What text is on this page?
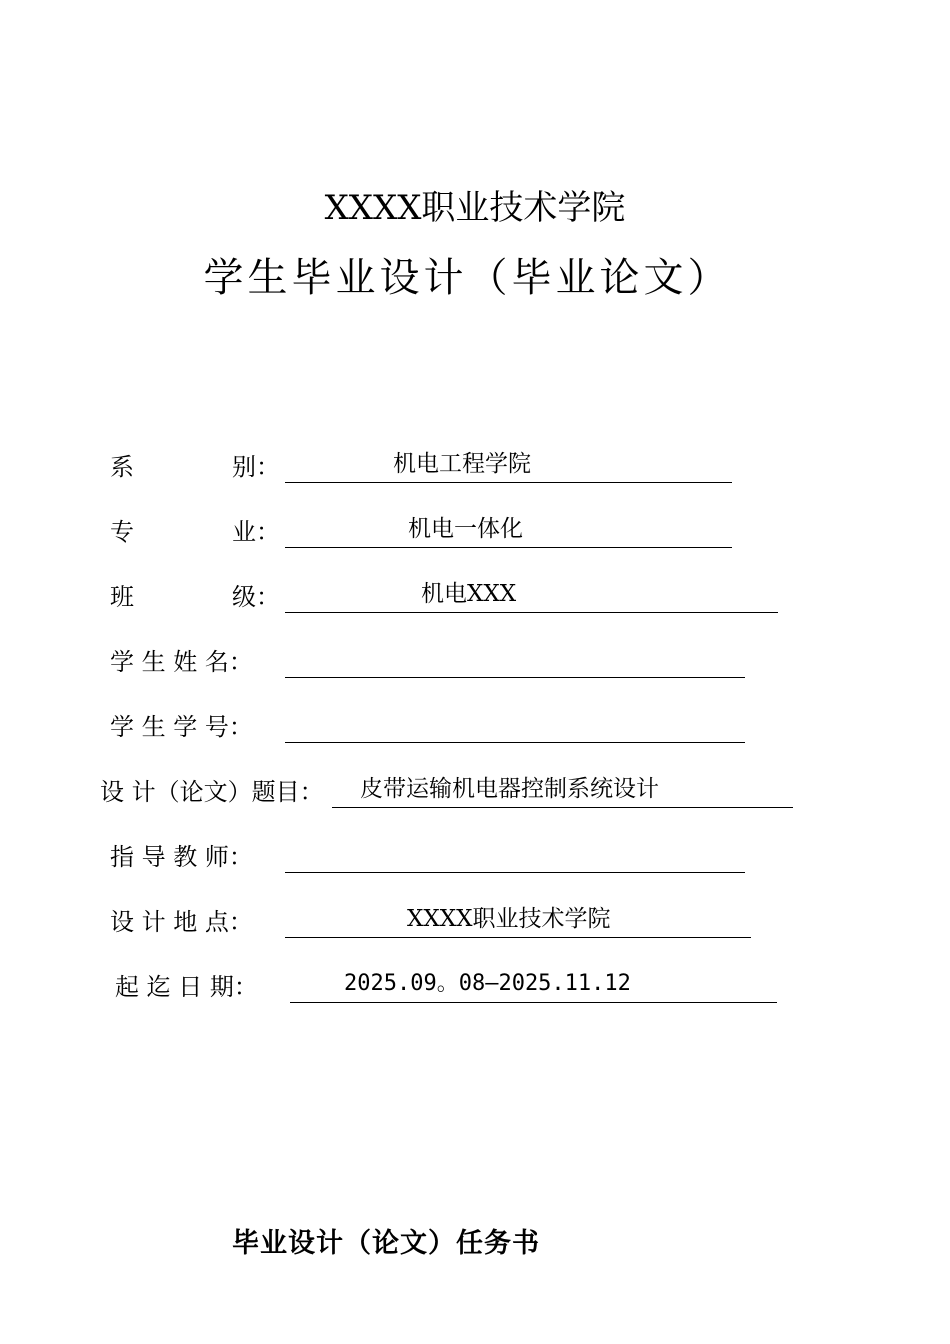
XXXX职业技术学院
学生毕业设计（毕业论文）
系	别：	机电工程学院
专	业：	机电一体化
班	级：	机电XXX
学 生 姓 名：
学 生 学 号：
设 计（论文）题目： 皮带运输机电器控制系统设计
指 导 教 师：
设 计 地 点：	XXXX职业技术学院
起 迄 日 期：	2025.09。08—2025.11.12
毕业设计（论文）任务书
